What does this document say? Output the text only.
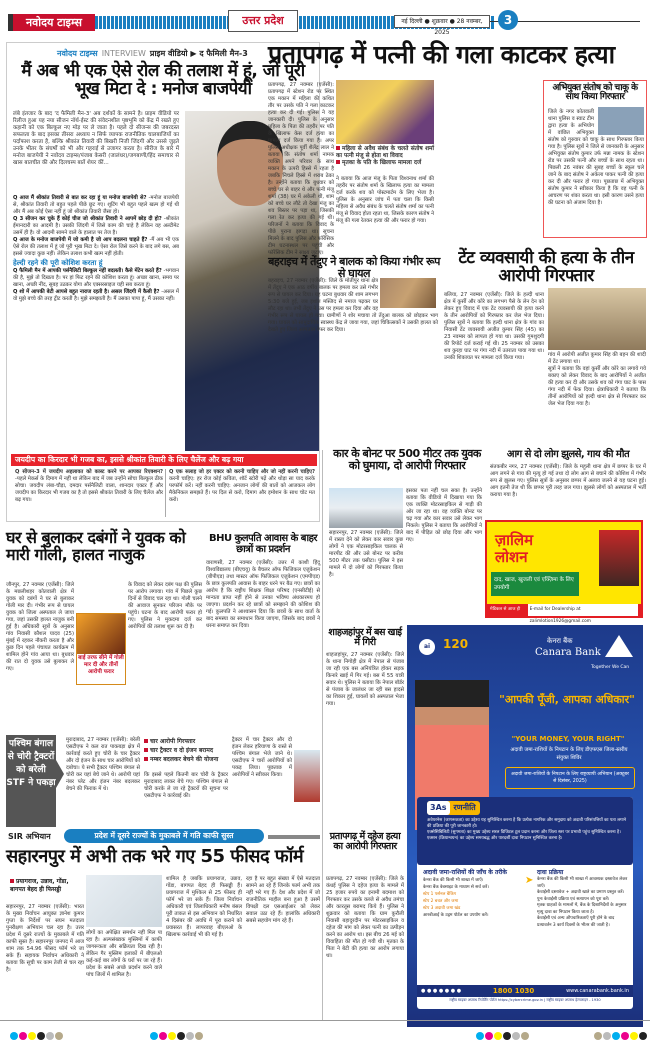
नवोदय टाइम्स	उत्तर प्रदेश	नई दिल्ली ● शुक्रवार ● 28 नवम्बर, 2025
3
नवोदय टाइम्स INTERVIEW प्राइम वीडियो ▶ द फैमिली मैन-3
मैं अब भी एक ऐसे रोल की तलाश में हूं, जो पूरी भूख मिटा दे : मनोज बाजपेयी
लंबे इंतजार के बाद 'द फैमिली मैन-3' अब दर्शकों के सामने है। प्राइम वीडियो पर रिलीज हुआ यह नया सीजन नॉर्थ-ईस्ट की संवेदनशील पृष्ठभूमि को केंद्र में रखते हुए कहानी को एक बिल्कुल नए मोड़ पर ले जाता है। पहले दो सीजन्स की जबरदस्त सफलता के बाद इसका तीसरा अध्याय न सिर्फ व्यापक राजनीतिक चालबाजियों का पर्दाफाश करता है, बल्कि श्रीकांत तिवारी की बिखरी निजी जिंदगी और उससे जुड़ते उनके भीतर के संघर्षों को भी और गहराई से उजागर करता है। सीरीज के बारे में मनोज बाजपेयी ने नवोदय टाइम्स/पंजाब केसरी (जालंधर)/जगबाणी/हिंद समाचार से खास बातचीत की और दिलचस्प बातें शेयर कीं...
Q आज मैं श्रीकांत तिवारी से बात कर रहा हूं या मनोज बाजपेयी से? -मनोज बाजपेयी से, श्रीकांत तिवारी तो बहुत पहले पीछे छूट गए। शूटिंग भी बहुत पहले खत्म हो गई थी और मैं अब कोई ऐसा नहीं हूं जो श्रीकांत तिवारी जैसा हो।
Q 3 सीजन कर चुके हैं कोई चीज जो श्रीकांत तिवारी ने आपमें छोड़ दी हो? -श्रीकांत ईमानदारी का आदमी है। उसकी जिंदगी में जिसे काम की चाहे है लेकिन वह अल्टीमेट उसमें ही है। वो आदमी सामने वाले के हालात पर तेज है।
Q आज के मनोज बाजपेयी में जो कमी है जो आप बदलना चाहते हैं? -मैं अब भी एक ऐसे रोल की तलाश में हूं जो पूरी भूख मिटा दे। ऐसा रोल जिसे करने के बाद लगे बस, अब इससे ज्यादा कुछ नहीं। लेकिन तलाश कभी खत्म नहीं होती।
हेल्दी रहने की पूरी कोशिश करता हूं
Q फैमिली मैन में आपकी पर्सनैलिटी बिल्कुल नहीं बदलती। कैसे मेंटेन करते हैं? -भगवान की है, मुझे तो दिखता है। पर हां फिट रहने की कोशिश करता हूं। अच्छा खाना, समय पर खाना, अच्छी नींद, सुबह उठकर योगा और एक्सरसाइज यही सब करता हूं।
Q शो में आपकी बेटी आपसे बहुत नाराज रहती है। असल जिंदगी में कैसी है? -असल में वो मुझे बच्चे की तरह ट्रीट करती है। मुझे समझाती है। मैं उसका पापा हूं, मैं उसका नहीं।
जयदीप का किरदार भी गजब का, इससे श्रीकांत तिवारी के लिए चैलेंज और बढ़ गया
Q सीजन-3 में जयदीप अहलावत को कास्ट करने पर आपका रिएक्शन? -पहले मेकर्स के दिमाग में नहीं था लेकिन बाद में जब उन्होंने सोचा बिल्कुल ठीक सोचा। जयदीप लंबा-चौड़ा, दमदार पर्सनैलिटी वाला, शानदार एक्टर हैं और जयदीप का किरदार भी गजब का है तो इससे श्रीकांत तिवारी के लिए चैलेंज और बढ़ गया।
Q एक सलाह जो हर एक्टर को करनी चाहिए और जो नहीं करनी चाहिए? करनी चाहिए: हर रोज कोई कविता, शॉर्ट स्टोरी पढ़ें और थोड़ा सा याद करके परफॉर्म करें। नहीं करनी चाहिए: अनजान लोगों की बातों को आजकल लोग मैकेनिकल समझते हैं। पर दिल से करो, दिमाग और इमोशन के साथ चोट मत करो।
प्रतापगढ़ में पत्नी की गला काटकर हत्या
प्रतापगढ़, 27 नवम्बर (एजेंसी): प्रतापगढ़ में स्टेशन रोड पर स्थित एक मकान में महिला की कथित तौर पर उसके पति ने गला काटकर हत्या कर दी गई। पुलिस ने यह जानकारी दी। पुलिस के अनुसार महिला के पिता की तहरीर पर पति के खिलाफ केस दर्ज हत्या का मामला दर्ज किया गया है। अपर पुलिस अधीक्षक पूर्वी शैलेंद्र लाल ने बताया कि संतोष शर्मा नामक व्यक्ति अपने परिवार के साथ मकान के ऊपरी हिस्से में रहता है जबकि निचले हिस्से में शराब ठेका है। उन्होंने बताया कि बुधवार को बच्चे घर से बाहर थे और पत्नी मंजू शर्मा (38) घर में अकेली थी, शाम को बच्चे घर लौटे तो देखा मंजू का शव बिस्तर पर पड़ा था, जिसकी गला रेत कर हत्या की गई थी। परिजनों ने बताया कि विवाद के पीछे पुराना झगड़ा था। सूचना मिलने के बाद पुलिस और फॉरेंसिक टीम घटनास्थल पर पहुंची और फॉरेंसिक टीम ने साक्ष्य जुटाए।
महिला से अवैध संबंध के चलते संतोष शर्मा का पत्नी मंजू से होता था विवाद
मृतका के पति के खिलाफ मामला दर्ज
ने बताया कि आज मंजू के पिता विश्वनाथ शर्मा की तहरीर पर संतोष शर्मा के खिलाफ हत्या का मामला दर्ज करके शव को पोस्टमार्टम के लिए भेजा है। पुलिस के अनुसार जांच में पता चला कि किसी महिला से अवैध संबंध के चलते संतोष शर्मा का पत्नी मंजू से विवाद होता रहता था, जिसके कारण संतोष ने मंजू की गला रेतकर हत्या की और फरार हो गया।
अभियुक्त संतोष को चाकू के साथ किया गिरफ्तार
जिले के नगर कोतवाली थाना पुलिस व स्वाट टीम द्वारा हत्या के अभियोग में वांछित अभियुक्त संतोष को गुरुवार को चाकू के साथ गिरफ्तार किया गया है। पुलिस सूत्रों ने जिले से जानकारी के अनुसार अभियुक्त संतोष कुमार उर्फ मन्ना नामक के स्टेशन रोड पर उसकी पत्नी और बच्चों के साथ रहता था। पिछली 26 नवंबर की सुबह बच्चों के स्कूल चले जाने के बाद संतोष ने अकेला पाकर पत्नी की हत्या कर दी और फरार हो गया। पूछताछ में अभियुक्त संतोष कुमार ने स्वीकार किया है कि वह पत्नी के आचरण पर शंका करता था। इसी कारण उसने हत्या की घटना को अंजाम दिया है।
बहराइच में तेंदुए ने बालक को किया गंभीर रूप से घायल
बहराइच, 27 नवम्बर (एजेंसी): जिले के मोतीपुर थाना क्षेत्र में तेंदुए ने एक आठ वर्षीय बालक पर हमला कर उसे गंभीर रूप से घायल कर दिया। यह घटना बुधवार की शाम लगभग 5:30 बजे हुई, जब इशांत मस्जिद से नमाज पढ़कर घर लौट रहा था। तभी तेंदुए ने उस पर हमला कर दिया और वह गंभीर रूप से घायल हो गया। ग्रामीणों ने शोर मचाया तो तेंदुआ बालक को छोड़कर भाग गया। घायल को सामुदायिक स्वास्थ्य केंद्र ले जाया गया, जहां चिकित्सकों ने उसकी हालत को देखते हुए जिला अस्पताल रेफर कर दिया।
टेंट व्यवसायी की हत्या के तीन आरोपी गिरफ्तार
बलिया, 27 नवम्बर (एजेंसी): जिले के हल्दी थाना क्षेत्र में कुर्सी और कोरे का लगभग पैसे के लेन देन को लेकर हुए विवाद में एक टेंट व्यवसायी की हत्या करने के तीन आरोपियों को गिरफ्तार कर जेल भेज दिया। पुलिस सूत्रों ने बताया कि हल्दी थाना क्षेत्र के गांव का निवासी टेंट व्यवसायी अजीत कुमार सिंह (45) का 23 नवम्बर को लापता हो गया था। उसकी गुमशुदगी की रिपोर्ट दर्ज कराई गई थी। 25 नवम्बर को उसका शव कुरहा घाट पर गंगा नदी में उतराता पाया गया था। उनकी शिकायत पर मामला दर्ज किया गया।	गांव में आरोपी अजीत कुमार सिंह की बहन की शादी में टेंट लगाया था।
सूत्रों ने बताया कि वहां कुर्सी और कोरे का लगाये गये बकाए को लेकर विवाद के बाद आरोपियों ने अजीत की हत्या कर दी और उसके शव को गंगा घाट के पास गंगा नदी में फेंक दिया। क्षेत्राधिकारी ने बताया कि तीनों आरोपियों को हल्दी थाना क्षेत्र से गिरफ्तार कर जेल भेज दिया गया है।
कार के बोनट पर 500 मीटर तक युवक को घुमाया, दो आरोपी गिरफ्तार
सहारनपुर, 27 नवम्बर (एजेंसी): जिले में रास्ता देने को लेकर कार सवार कुछ लोगों ने एक मोटरसाइकिल चालक से मारपीट की और उसे बोनट पर करीब 500 मीटर तक घसीटा। पुलिस ने इस मामले में दो लोगों को गिरफ्तार किया है।
इसका पता नहीं चल सका है। उन्होंने बताया कि वीडियो में दिखाया गया कि एक व्यक्ति मोटरसाइकिल से गाड़ी की ओर जा रहा था। वह व्यक्ति बोनट पर चढ़ गया और कार सवार उसे लेकर भाग निकले। पुलिस ने बताया कि आरोपियों ने बाद में पीड़ित को छोड़ दिया और भाग गए।
आग से दो लोग झुलसे, गाय की मौत
संतकबीर नगर, 27 नवम्बर (एजेंसी): जिले के महुली थाना क्षेत्र में छप्पर के घर में आग लगने से गाय की मृत्यु हो गई तथा दो लोग आग से बचाने की कोशिश में गंभीर रूप से झुलस गए। पुलिस सूत्रों के अनुसार छप्पर में अलाव जलने से यह घटना हुई। आग इतनी तेज थी कि छप्पर पूरी तरह जल गया। झुलसे लोगों को अस्पताल में भर्ती कराया गया है।
ज़ालिम लोशन
दाद, खाज, खुजली एवं एक्ज़िमा के लिए उपयोगी
मेडिकल से आज ही खरीदें
E-mail for Dealership at zalimlotion1926@gmail.com
शाहजहांपुर में बस खाई में गिरी
शाहजहांपुर, 27 नवम्बर (एजेंसी): जिले के थाना निगोही क्षेत्र में नेपाल से पंजाब जा रही एक बस अनियंत्रित होकर सड़क किनारे खाई में गिर गई। बस में 55 यात्री सवार थे। पुलिस ने बताया कि नेपाल बॉर्डर से पंजाब के जालंधर जा रही बस हादसे का शिकार हुई, घायलों को अस्पताल भेजा गया।
प्रतापगढ़ में दहेज हत्या का आरोपी गिरफ्तार
प्रतापगढ़, 27 नवम्बर (एजेंसी): जिले के कंधई पुलिस ने दहेज हत्या के मामले में 25 हजार रुपये का इनामी बदमाश को गिरफ्तार कर उसके कब्जे से अवैध तमंचा और कारतूस बरामद किये हैं। पुलिस ने शुक्रवार को बताया कि ग्राम कुरौली निवासी बहादुरदीन पर मोटरसाइकिल व दहेज की मांग को लेकर पत्नी का उत्पीड़न करने का आरोप था। इस बीच 26 मई को विवाहिता की मौत हो गयी थी। मृतका के पिता ने बेटी की हत्या का आरोप लगाया था।
ai	120	केनरा बैंक
Canara Bank
Together We Can
"आपकी पूँजी, आपका अधिकार"
"YOUR MONEY, YOUR RIGHT"
अदावी जमा-राशियों के निपटान के लिए डीएफएस जिला-स्तरीय संयुक्त शिविर
अदावी जमा-राशियों के निपटान के लिए राष्ट्रव्यापी अभियान (अक्टूबर से दिसंबर, 2025)
3As रणनीति
अवेयरनेस (जागरूकता) का उद्देश्य यह सुनिश्चित करना है कि प्रत्येक नागरिक और समुदाय को अदावी परिसंपत्तियों का पता लगाने की प्रक्रिया की पूरी जानकारी हो।
एक्सेसिबिलिटी (सुगमता) का मुख्य उद्देश्य सरल डिजिटल टूल प्रदान करना और जिला स्तर पर प्रभावी पहुंच सुनिश्चित करना है।
एक्शन (क्रियान्वयन) का उद्देश्य समयबद्ध और पारदर्शी दावा निपटान सुनिश्चित करना है।
अदावी जमा-राशियों की जाँच के तरीके
केनरा बैंक की किसी भी शाखा में जाएँ।
केनरा बैंक वेबसाइट के माध्यम से सर्च करें।
स्टेप 1 पर्सनल बैंकिंग
स्टेप 2 बचत और जमा
स्टेप 3 अदावी जमा खंड
आरबीआई के उद्गम पोर्टल का उपयोग करें।
➤
दावा प्रक्रिया
केनरा बैंक की किसी भी शाखा में आवश्यक दस्तावेज लेकर जाएँ।
केवाईसी दस्तावेज + अदावी खाते का प्रमाण प्रस्तुत करें।
पुनः केवाईसी प्रक्रिया एवं सत्यापन को पूरा करें।
मृतक ग्राहकों के मामलों में, बैंक के दिशानिर्देशों के अनुसार मृत्यु दावा का निपटान किया जाता है।
केवाईसी एवं अन्य औपचारिकताएँ पूरी होने के बाद प्रत्यावर्तन 3 कार्य दिवसों के भीतर की जाती है।
● ● ● ● ● ● ●	1800 1030	www.canarabank.bank.in
राष्ट्रीय साइबर अपराध रिपोर्टिंग पोर्टल https://cybercrime.gov.in | राष्ट्रीय साइबर अपराध हेल्पलाइन - 1930
घर से बुलाकर दबंगों ने युवक को मारी गोली, हालत नाजुक
जौनपुर, 27 नवम्बर (एजेंसी): जिले के मछलीशहर कोतवाली क्षेत्र में युवक को दबंगों ने घर से बुलाकर गोली मार दी। गंभीर रूप से घायल युवक को जिला अस्पताल ले जाया गया, जहां उसकी हालत नाजुक बनी हुई है। अधिकारी सूत्रों के अनुसार गांव निवासी कौशल यादव (25) मुंबई में रहकर नौकरी करता है और कुछ दिन पहले पंचायत कार्यक्रम में शामिल होने गांव आया था। बुधवार की रात दो युवक उसे बुलाकर ले गए।
बाई तरफ सीने में गोली मार दी और तीनों आरोपी फरार
के विवाद को लेकर दबंग पक्ष की पुलिस पर आरोप लगाया। गांव में पिछले कुछ दिनों से विवाद चल रहा था। गोली चलने की आवाज सुनकर परिजन मौके पर पहुंचे। घटना के बाद आरोपी फरार हो गए। पुलिस ने मुकदमा दर्ज कर आरोपियों की तलाश शुरू कर दी है।
BHU कुलपति आवास के बाहर छात्रों का प्रदर्शन
वाराणसी, 27 नवम्बर (एजेंसी): उत्तर में काशी हिंदू विश्वविद्यालय (बीएचयू) के बैचलर ऑफ फिजिकल एजुकेशन (बीपीएड) तथा मास्टर ऑफ फिजिकल एजुकेशन (एमपीएड) के छात्र कुलपति आवास के बाहर धरने पर बैठ गए। छात्रों का आरोप है कि राष्ट्रीय शिक्षक शिक्षा परिषद (एनसीटीई) से मान्यता प्राप्त नहीं होने से उनका भविष्य अंधकारमय हो जाएगा। प्रदर्शन कर रहे छात्रों को समझाने की कोशिश की गई। कुलपति ने आश्वासन दिया कि छात्रों के साथ वार्ता के बाद समस्या का समाधान किया जाएगा, जिसके बाद छात्रों ने धरना समाप्त कर दिया।
पश्चिम बंगाल से चोरी ट्रैक्टरों को बरेली STF ने पकड़ा
मुरादाबाद, 27 नवम्बर (एजेंसी): बरेली एसटीएफ ने कल रात पाकबड़ा क्षेत्र में कार्रवाई करते हुए चोरी के चार ट्रैक्टर और दो इंजन के साथ चार आरोपियों को दबोचा। ये सभी ट्रैक्टर पश्चिम बंगाल से चोरी कर यहां बेचे जाने थे। आरोपी यहां नंबर प्लेट और इंजन नंबर बदलकर बेचने की फिराक में थे।
चार आरोपी गिरफ्तार
चार ट्रैक्टर व दो इंजन बरामद
नम्बर बदलकर बेचने की योजना
कि इससे पहले कितनी बार चोरी के ट्रैक्टर मुरादाबाद लाकर बेचे गए। पश्चिम बंगाल से चोरी करके ले जा रहे ट्रैक्टरों की सूचना पर एसटीएफ ने कार्रवाई की।
ट्रैक्टर में चार ट्रैक्टर और दो इंजन लेकर हरियाणा के रास्ते से पश्चिम बंगाल भेजे जाने थे। एसटीएफ ने चारों आरोपियों को पकड़ लिया। पूछताछ में आरोपियों ने स्वीकार किया।
SIR अभियान	प्रदेश में दूसरे राज्यों के मुकाबले में गति काफी सुस्त
सहारनपुर में अभी तक भरे गए 55 फीसद फॉर्म
प्रयागराज, उन्नाव, गोंडा, बागपत बेहद ही फिसड्डी
सहारनपुर, 27 नवम्बर (एजेंसी): भारत के मुख्य निर्वाचन आयुक्त ज्ञानेश कुमार गुप्ता के निर्देशों पर सघन मतदाता पुनरीक्षण अभियान चल रहा है। उत्तर प्रदेश में दूसरे राज्यों के मुकाबले में गति काफी सुस्त है। सहारनपुर जनपद में आज शाम तक 54.96 फीसद फॉर्म भरे जा सके हैं। सहायक निर्वाचन अधिकारी ने बताया कि सूची पर काम तेजी से चल रहा है।
लोगों का अपेक्षित समर्थन नहीं मिल पा रहा है। अल्पसंख्यक मुस्लिमों में काफी जागरूकता और सक्रियता दिख रही है। लेकिन गैर मुस्लिम इलाकों में बीएलओ कई-कई बार लोगों के घरों पर जा रहे हैं। प्रदेश के सबसे अच्छे प्रदर्शन करने वाले पांच जिलों में शामिल है।
शामिल है जबकि प्रयागराज, उन्नाव, गोंडा, बागपत बेहद ही फिसड्डी हैं। प्रयागराज में मुश्किल से 25 फीसद ही फॉर्म भरे जा सके हैं। जिला निर्वाचन अधिकारी एवं जिलाधिकारी मनीष बंसल पूरी ताकत से इस अभियान को निर्धारित 4 दिसंबर की अवधि में पूरा कराने को प्रयासरत हैं। लापरवाह बीएलओ के खिलाफ कार्रवाई भी की गई है।
रहा है पर बहुत संख्या में ऐसे मतदाता सामने आ रहे हैं जिनके फार्म अभी तक नहीं भरे गए हैं। देश और प्रदेश में जो राजनीतिक माहौल बना हुआ है उसमें विपक्षी दल एसआईआर को लेकर सवाल उठा रहे हैं। हालांकि अधिकारी सबसे सहयोग मांग रहे हैं।
